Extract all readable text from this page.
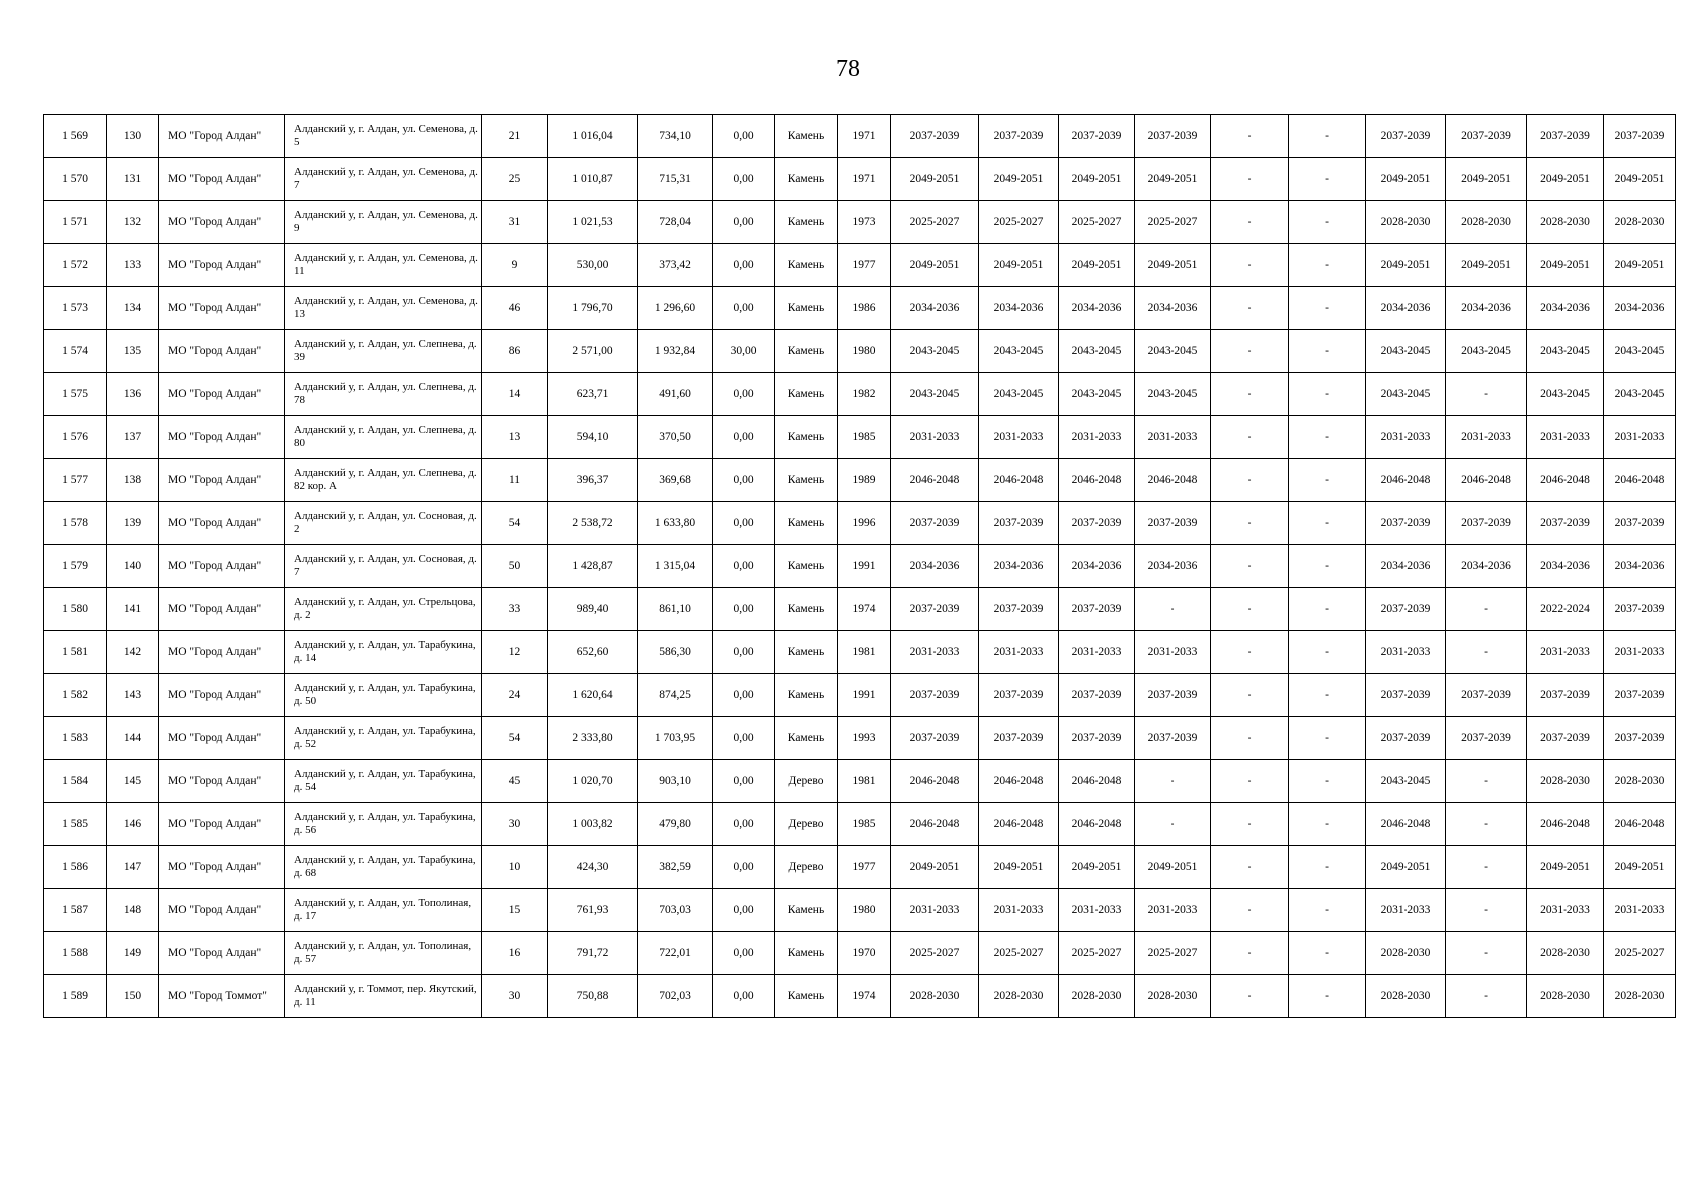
78
1 569	130	МО "Город Алдан"	Алданский у, г. Алдан, ул. Семенова, д. 5	21	1 016,04	734,10	0,00	Камень	1971	2037-2039	2037-2039	2037-2039	2037-2039	-	-	2037-2039	2037-2039	2037-2039	2037-2039
1 570	131	МО "Город Алдан"	Алданский у, г. Алдан, ул. Семенова, д. 7	25	1 010,87	715,31	0,00	Камень	1971	2049-2051	2049-2051	2049-2051	2049-2051	-	-	2049-2051	2049-2051	2049-2051	2049-2051
1 571	132	МО "Город Алдан"	Алданский у, г. Алдан, ул. Семенова, д. 9	31	1 021,53	728,04	0,00	Камень	1973	2025-2027	2025-2027	2025-2027	2025-2027	-	-	2028-2030	2028-2030	2028-2030	2028-2030
1 572	133	МО "Город Алдан"	Алданский у, г. Алдан, ул. Семенова, д. 11	9	530,00	373,42	0,00	Камень	1977	2049-2051	2049-2051	2049-2051	2049-2051	-	-	2049-2051	2049-2051	2049-2051	2049-2051
1 573	134	МО "Город Алдан"	Алданский у, г. Алдан, ул. Семенова, д. 13	46	1 796,70	1 296,60	0,00	Камень	1986	2034-2036	2034-2036	2034-2036	2034-2036	-	-	2034-2036	2034-2036	2034-2036	2034-2036
1 574	135	МО "Город Алдан"	Алданский у, г. Алдан, ул. Слепнева, д. 39	86	2 571,00	1 932,84	30,00	Камень	1980	2043-2045	2043-2045	2043-2045	2043-2045	-	-	2043-2045	2043-2045	2043-2045	2043-2045
1 575	136	МО "Город Алдан"	Алданский у, г. Алдан, ул. Слепнева, д. 78	14	623,71	491,60	0,00	Камень	1982	2043-2045	2043-2045	2043-2045	2043-2045	-	-	2043-2045	-	2043-2045	2043-2045
1 576	137	МО "Город Алдан"	Алданский у, г. Алдан, ул. Слепнева, д. 80	13	594,10	370,50	0,00	Камень	1985	2031-2033	2031-2033	2031-2033	2031-2033	-	-	2031-2033	2031-2033	2031-2033	2031-2033
1 577	138	МО "Город Алдан"	Алданский у, г. Алдан, ул. Слепнева, д. 82 кор. А	11	396,37	369,68	0,00	Камень	1989	2046-2048	2046-2048	2046-2048	2046-2048	-	-	2046-2048	2046-2048	2046-2048	2046-2048
1 578	139	МО "Город Алдан"	Алданский у, г. Алдан, ул. Сосновая, д. 2	54	2 538,72	1 633,80	0,00	Камень	1996	2037-2039	2037-2039	2037-2039	2037-2039	-	-	2037-2039	2037-2039	2037-2039	2037-2039
1 579	140	МО "Город Алдан"	Алданский у, г. Алдан, ул. Сосновая, д. 7	50	1 428,87	1 315,04	0,00	Камень	1991	2034-2036	2034-2036	2034-2036	2034-2036	-	-	2034-2036	2034-2036	2034-2036	2034-2036
1 580	141	МО "Город Алдан"	Алданский у, г. Алдан, ул. Стрельцова, д. 2	33	989,40	861,10	0,00	Камень	1974	2037-2039	2037-2039	2037-2039	-	-	-	2037-2039	-	2022-2024	2037-2039
1 581	142	МО "Город Алдан"	Алданский у, г. Алдан, ул. Тарабукина, д. 14	12	652,60	586,30	0,00	Камень	1981	2031-2033	2031-2033	2031-2033	2031-2033	-	-	2031-2033	-	2031-2033	2031-2033
1 582	143	МО "Город Алдан"	Алданский у, г. Алдан, ул. Тарабукина, д. 50	24	1 620,64	874,25	0,00	Камень	1991	2037-2039	2037-2039	2037-2039	2037-2039	-	-	2037-2039	2037-2039	2037-2039	2037-2039
1 583	144	МО "Город Алдан"	Алданский у, г. Алдан, ул. Тарабукина, д. 52	54	2 333,80	1 703,95	0,00	Камень	1993	2037-2039	2037-2039	2037-2039	2037-2039	-	-	2037-2039	2037-2039	2037-2039	2037-2039
1 584	145	МО "Город Алдан"	Алданский у, г. Алдан, ул. Тарабукина, д. 54	45	1 020,70	903,10	0,00	Дерево	1981	2046-2048	2046-2048	2046-2048	-	-	-	2043-2045	-	2028-2030	2028-2030
1 585	146	МО "Город Алдан"	Алданский у, г. Алдан, ул. Тарабукина, д. 56	30	1 003,82	479,80	0,00	Дерево	1985	2046-2048	2046-2048	2046-2048	-	-	-	2046-2048	-	2046-2048	2046-2048
1 586	147	МО "Город Алдан"	Алданский у, г. Алдан, ул. Тарабукина, д. 68	10	424,30	382,59	0,00	Дерево	1977	2049-2051	2049-2051	2049-2051	2049-2051	-	-	2049-2051	-	2049-2051	2049-2051
1 587	148	МО "Город Алдан"	Алданский у, г. Алдан, ул. Тополиная, д. 17	15	761,93	703,03	0,00	Камень	1980	2031-2033	2031-2033	2031-2033	2031-2033	-	-	2031-2033	-	2031-2033	2031-2033
1 588	149	МО "Город Алдан"	Алданский у, г. Алдан, ул. Тополиная, д. 57	16	791,72	722,01	0,00	Камень	1970	2025-2027	2025-2027	2025-2027	2025-2027	-	-	2028-2030	-	2028-2030	2025-2027
1 589	150	МО "Город Томмот"	Алданский у, г. Томмот, пер. Якутский, д. 11	30	750,88	702,03	0,00	Камень	1974	2028-2030	2028-2030	2028-2030	2028-2030	-	-	2028-2030	-	2028-2030	2028-2030
